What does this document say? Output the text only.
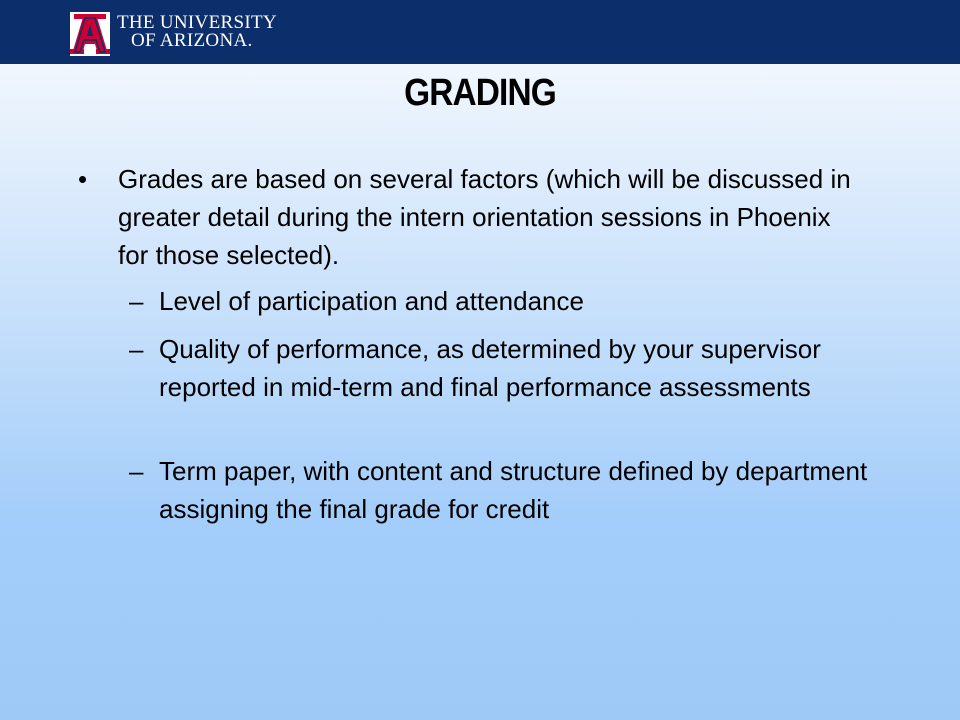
THE UNIVERSITY
OF ARIZONA.
GRADING
• Grades are based on several factors (which will be discussed in greater detail during the intern orientation sessions in Phoenix for those selected).
– Level of participation and attendance
– Quality of performance, as determined by your supervisor reported in mid-term and final performance assessments
– Term paper, with content and structure defined by department assigning the final grade for credit
